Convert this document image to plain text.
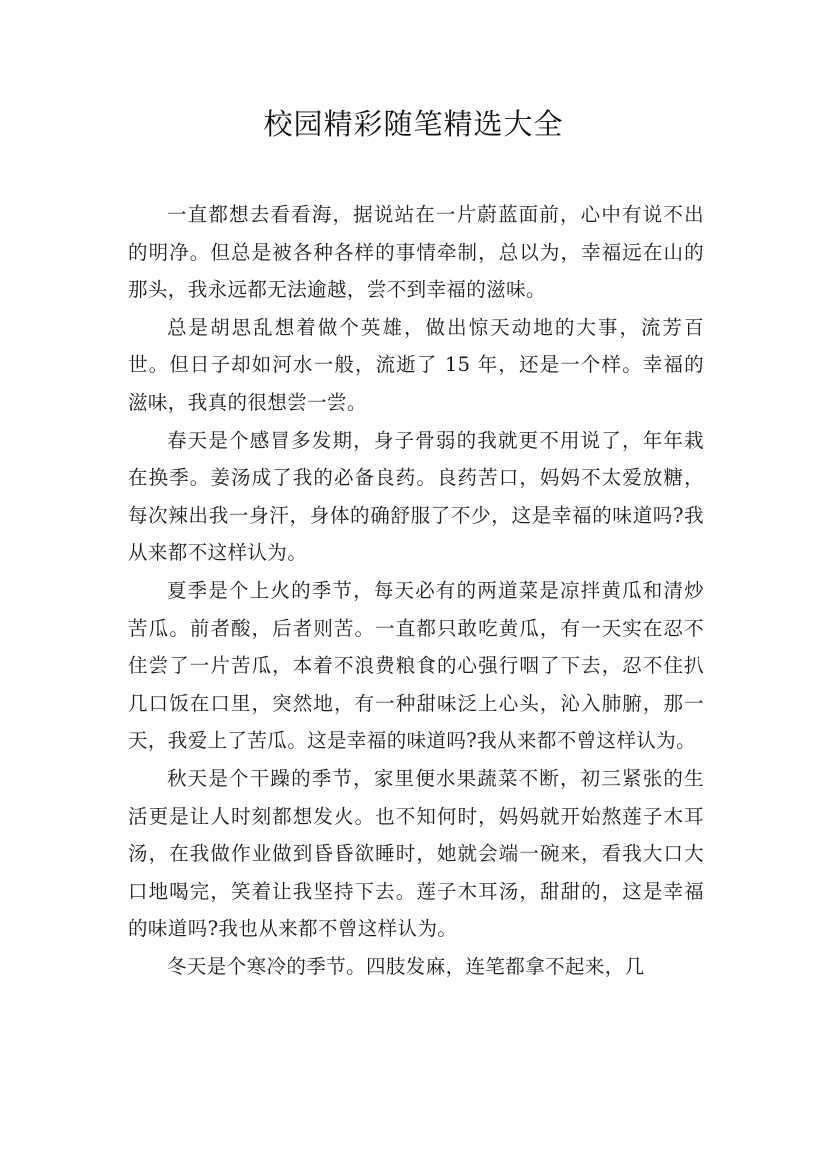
校园精彩随笔精选大全

一直都想去看看海，据说站在一片蔚蓝面前，心中有说不出的明净。但总是被各种各样的事情牵制，总以为，幸福远在山的那头，我永远都无法逾越，尝不到幸福的滋味。

总是胡思乱想着做个英雄，做出惊天动地的大事，流芳百世。但日子却如河水一般，流逝了 15 年，还是一个样。幸福的滋味，我真的很想尝一尝。

春天是个感冒多发期，身子骨弱的我就更不用说了，年年栽在换季。姜汤成了我的必备良药。良药苦口，妈妈不太爱放糖，每次辣出我一身汗，身体的确舒服了不少，这是幸福的味道吗?我从来都不这样认为。

夏季是个上火的季节，每天必有的两道菜是凉拌黄瓜和清炒苦瓜。前者酸，后者则苦。一直都只敢吃黄瓜，有一天实在忍不住尝了一片苦瓜，本着不浪费粮食的心强行咽了下去，忍不住扒几口饭在口里，突然地，有一种甜味泛上心头，沁入肺腑，那一天，我爱上了苦瓜。这是幸福的味道吗?我从来都不曾这样认为。

秋天是个干躁的季节，家里便水果蔬菜不断，初三紧张的生活更是让人时刻都想发火。也不知何时，妈妈就开始熬莲子木耳汤，在我做作业做到昏昏欲睡时，她就会端一碗来，看我大口大口地喝完，笑着让我坚持下去。莲子木耳汤，甜甜的，这是幸福的味道吗?我也从来都不曾这样认为。

冬天是个寒冷的季节。四肢发麻，连笔都拿不起来，几
